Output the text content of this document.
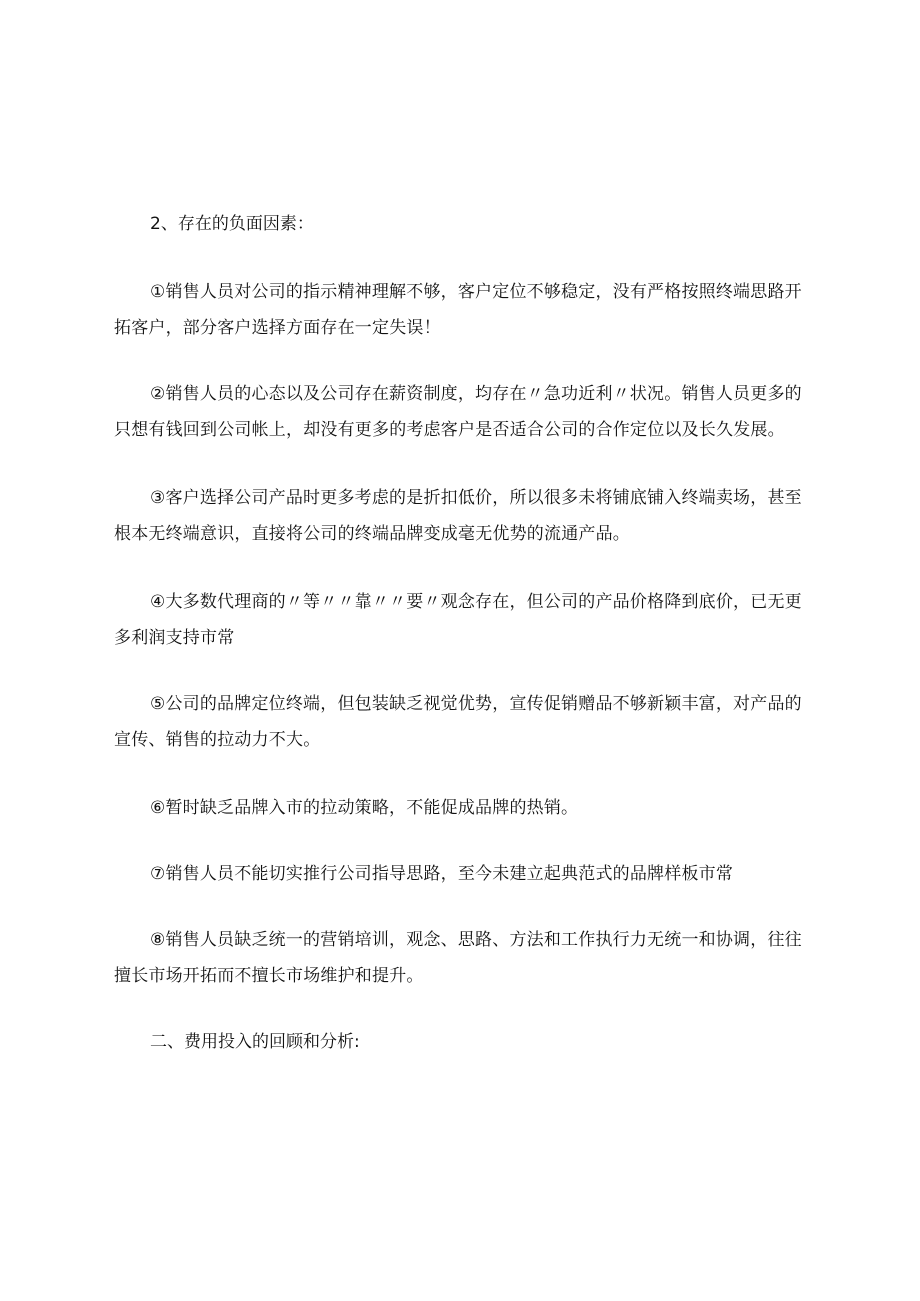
2、存在的负面因素：

①销售人员对公司的指示精神理解不够，客户定位不够稳定，没有严格按照终端思路开拓客户，部分客户选择方面存在一定失误！

②销售人员的心态以及公司存在薪资制度，均存在〃急功近利〃状况。销售人员更多的只想有钱回到公司帐上，却没有更多的考虑客户是否适合公司的合作定位以及长久发展。

③客户选择公司产品时更多考虑的是折扣低价，所以很多未将铺底铺入终端卖场，甚至根本无终端意识，直接将公司的终端品牌变成毫无优势的流通产品。

④大多数代理商的〃等〃〃靠〃〃要〃观念存在，但公司的产品价格降到底价，已无更多利润支持市常

⑤公司的品牌定位终端，但包装缺乏视觉优势，宣传促销赠品不够新颖丰富，对产品的宣传、销售的拉动力不大。

⑥暂时缺乏品牌入市的拉动策略，不能促成品牌的热销。

⑦销售人员不能切实推行公司指导思路，至今未建立起典范式的品牌样板市常

⑧销售人员缺乏统一的营销培训，观念、思路、方法和工作执行力无统一和协调，往往擅长市场开拓而不擅长市场维护和提升。

二、费用投入的回顾和分析:
